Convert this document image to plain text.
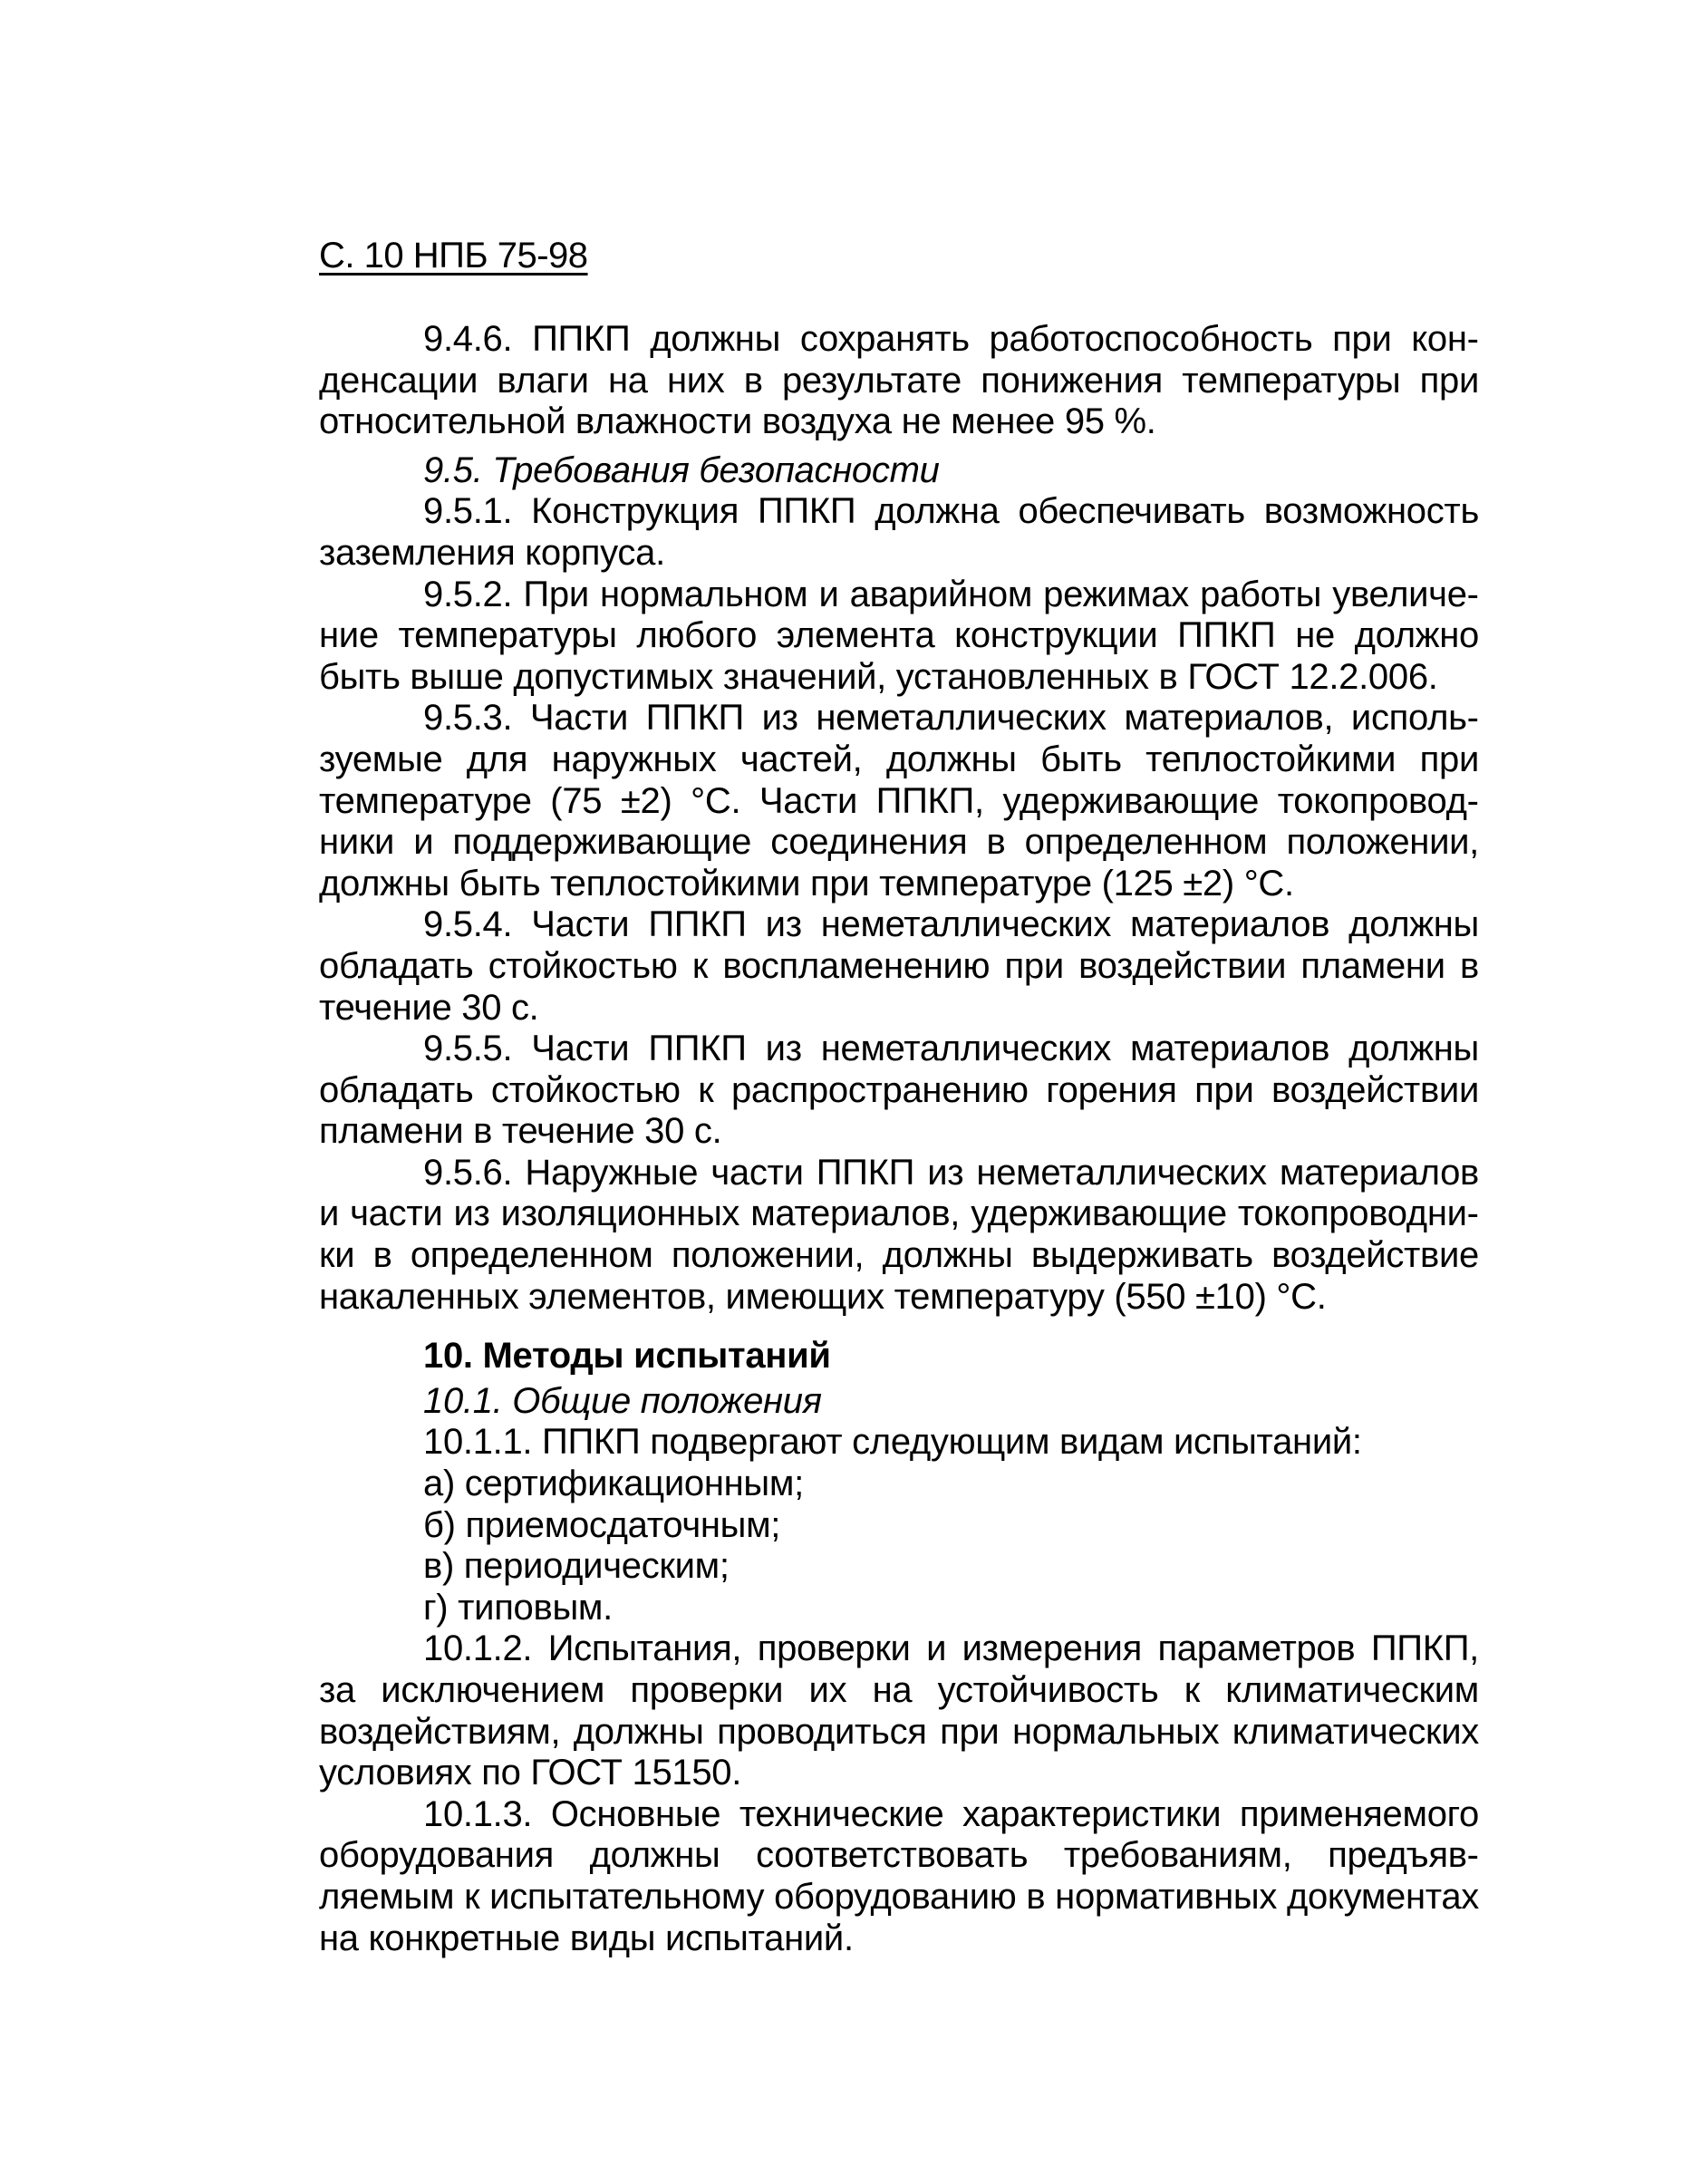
С. 10 НПБ 75-98

9.4.6. ППКП должны сохранять работоспособность при конденсации влаги на них в результате понижения температуры при относительной влажности воздуха не менее 95 %.

9.5. Требования безопасности

9.5.1. Конструкция ППКП должна обеспечивать возможность заземления корпуса.

9.5.2. При нормальном и аварийном режимах работы увеличение температуры любого элемента конструкции ППКП не должно быть выше допустимых значений, установленных в ГОСТ 12.2.006.

9.5.3. Части ППКП из неметаллических материалов, используемые для наружных частей, должны быть теплостойкими при температуре (75 ±2) °С. Части ППКП, удерживающие токопроводники и поддерживающие соединения в определенном положении, должны быть теплостойкими при температуре (125 ±2) °С.

9.5.4. Части ППКП из неметаллических материалов должны обладать стойкостью к воспламенению при воздействии пламени в течение 30 с.

9.5.5. Части ППКП из неметаллических материалов должны обладать стойкостью к распространению горения при воздействии пламени в течение 30 с.

9.5.6. Наружные части ППКП из неметаллических материалов и части из изоляционных материалов, удерживающие токопроводники в определенном положении, должны выдерживать воздействие накаленных элементов, имеющих температуру (550 ±10) °С.

10. Методы испытаний

10.1. Общие положения

10.1.1. ППКП подвергают следующим видам испытаний:

а) сертификационным;

б) приемосдаточным;

в) периодическим;

г) типовым.

10.1.2. Испытания, проверки и измерения параметров ППКП, за исключением проверки их на устойчивость к климатическим воздействиям, должны проводиться при нормальных климатических условиях по ГОСТ 15150.

10.1.3. Основные технические характеристики применяемого оборудования должны соответствовать требованиям, предъявляемым к испытательному оборудованию в нормативных документах на конкретные виды испытаний.
